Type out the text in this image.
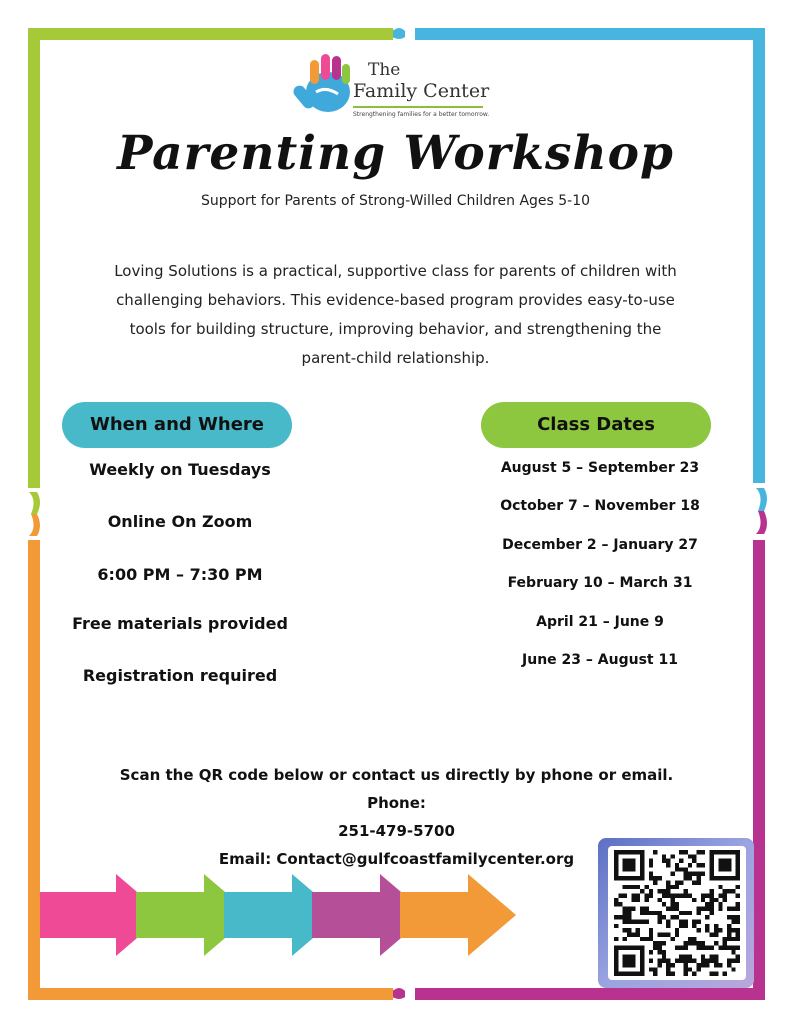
The
Family Center
Strengthening families for a better tomorrow.
Parenting Workshop
Support for Parents of Strong-Willed Children Ages 5-10
Loving Solutions is a practical, supportive class for parents of children with
challenging behaviors. This evidence-based program provides easy-to-use
tools for building structure, improving behavior, and strengthening the
parent-child relationship.
When and Where
Weekly on Tuesdays
Online On Zoom
6:00 PM – 7:30 PM
Free materials provided
Registration required
Class Dates
August 5 – September 23
October 7 – November 18
December 2 – January 27
February 10 – March 31
April 21 – June 9
June 23 – August 11
Scan the QR code below or contact us directly by phone or email.
Phone:
251-479-5700
Email: Contact@gulfcoastfamilycenter.org
